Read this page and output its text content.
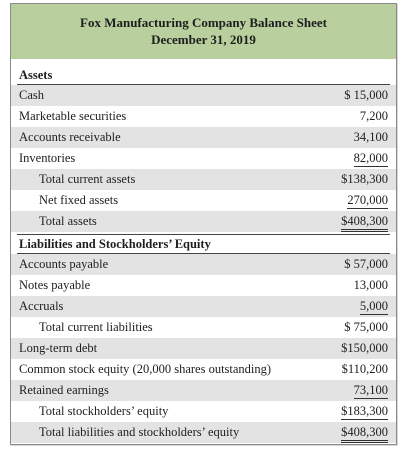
Fox Manufacturing Company Balance Sheet
December 31, 2019
Assets
Cash	$ 15,000
Marketable securities	7,200
Accounts receivable	34,100
Inventories	82,000
Total current assets	$138,300
Net fixed assets	270,000
Total assets	$408,300
Liabilities and Stockholders’ Equity
Accounts payable	$ 57,000
Notes payable	13,000
Accruals	5,000
Total current liabilities	$ 75,000
Long-term debt	$150,000
Common stock equity (20,000 shares outstanding)	$110,200
Retained earnings	73,100
Total stockholders’ equity	$183,300
Total liabilities and stockholders’ equity	$408,300
